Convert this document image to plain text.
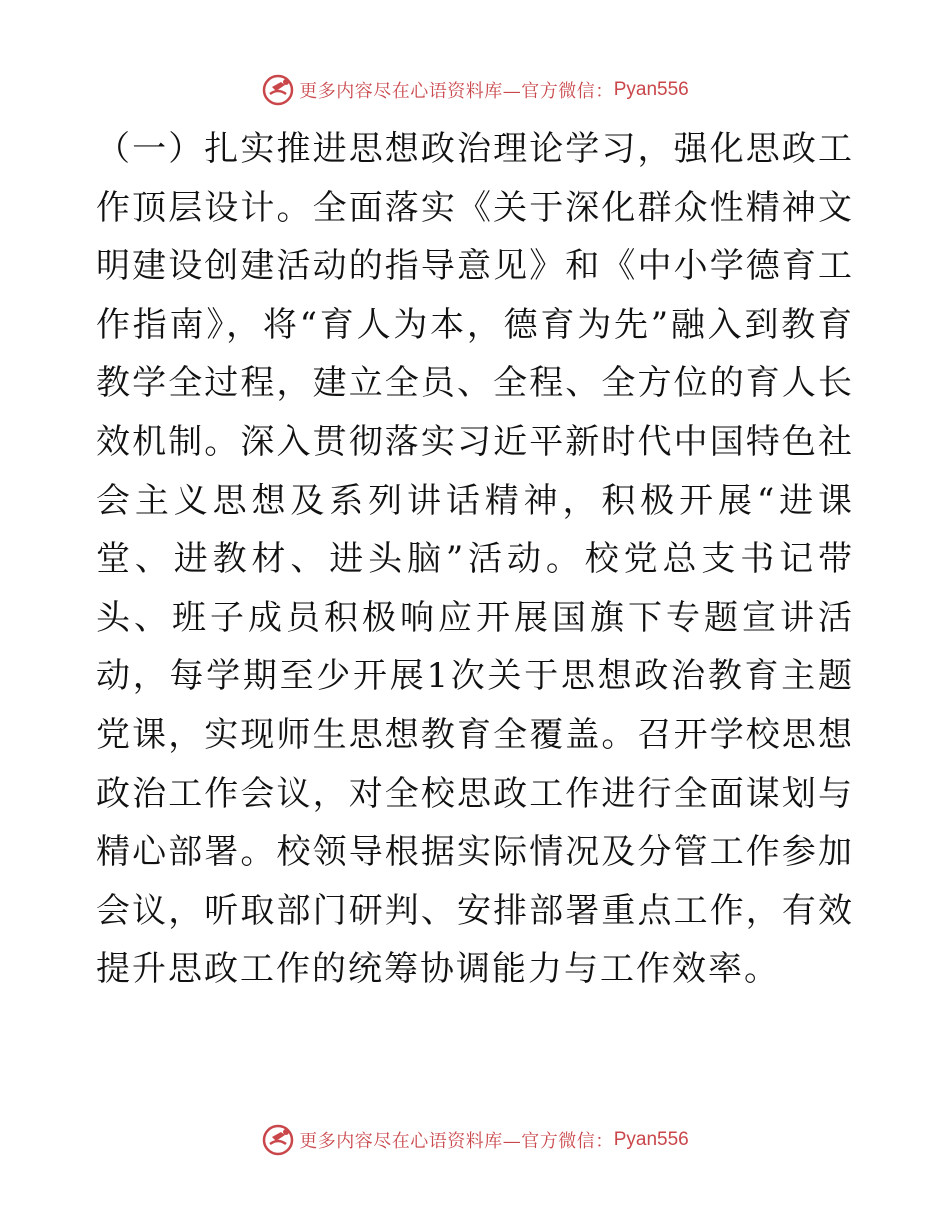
更多内容尽在心语资料库—官方微信： Pyan556

（一）扎实推进思想政治理论学习，强化思政工作顶层设计。全面落实《关于深化群众性精神文明建设创建活动的指导意见》和《中小学德育工作指南》，将“育人为本，德育为先”融入到教育教学全过程，建立全员、全程、全方位的育人长效机制。深入贯彻落实习近平新时代中国特色社会主义思想及系列讲话精神，积极开展“进课堂、进教材、进头脑”活动。校党总支书记带头、班子成员积极响应开展国旗下专题宣讲活动，每学期至少开展1次关于思想政治教育主题党课，实现师生思想教育全覆盖。召开学校思想政治工作会议，对全校思政工作进行全面谋划与精心部署。校领导根据实际情况及分管工作参加会议，听取部门研判、安排部署重点工作，有效提升思政工作的统筹协调能力与工作效率。

更多内容尽在心语资料库—官方微信： Pyan556
